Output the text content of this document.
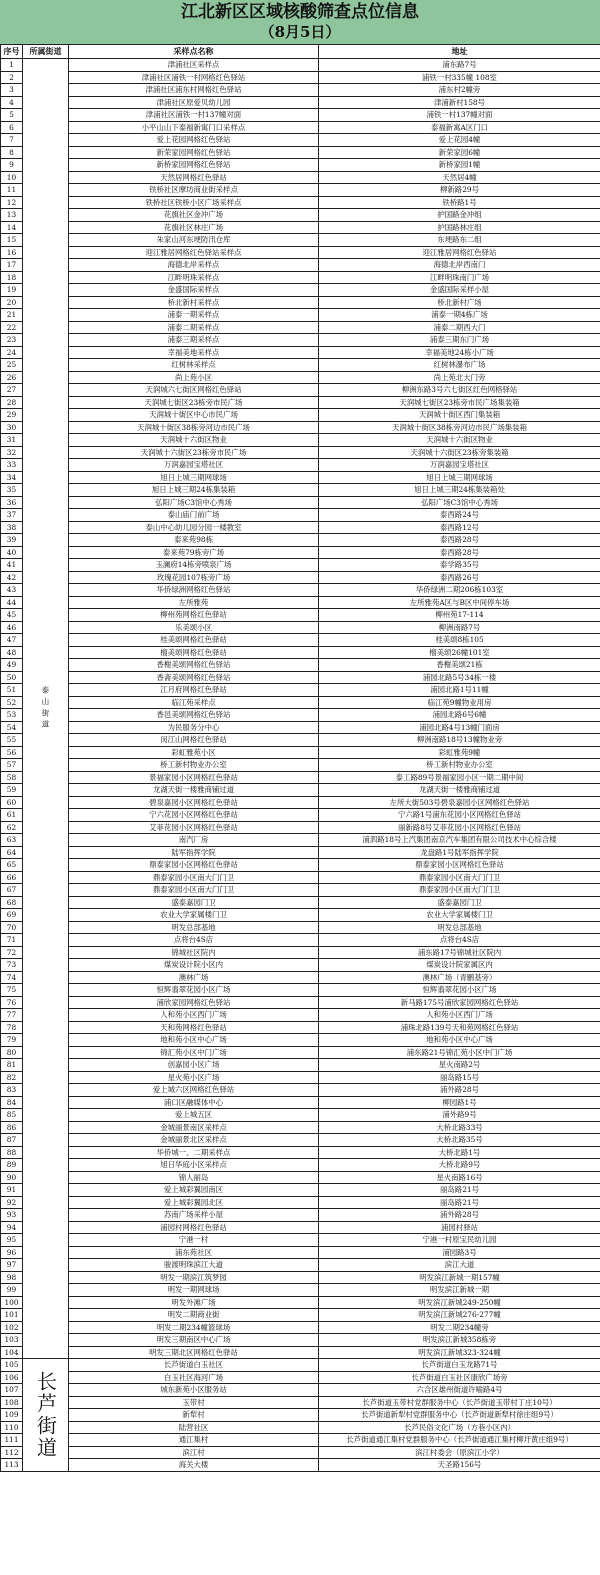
江北新区区域核酸筛查点位信息
（8月5日）
序号	所属街道	采样点名称	地址
1	泰山街道	津浦社区采样点	浦东路7号
2		津浦社区浦铁一村网格红色驿站	浦铁一村335幢 108室
3		津浦社区浦东村网格红色驿站	浦东村2幢旁
4		津浦社区原爱贝幼儿园	津浦新村158号
5		津浦社区浦铁一村137幢对面	浦铁一村137幢对面
6		小平山山下泰福新寓门口采样点	泰福新寓A区门口
7		爱上花园网格红色驿站	爱上花园4幢
8		新荣家园网格红色驿站	新荣家园6幢
9		新桥家园网格红色驿站	新桥家园1幢
10		天然居网格红色驿站	天然居4幢
11		铁桥社区摩坊商业街采样点	柳新路29号
12		铁桥社区铁桥小区广场采样点	铁桥路1号
13		花旗社区金冲广场	护国路金冲组
14		花旗社区林庄广场	护国路林庄组
15		朱家山河东埂防汛仓库	东埂路东二组
16		迎江雅居网格红色驿站采样点	迎江雅居网格红色驿站
17		海德北岸采样点	海德北岸西南门
18		江畔明珠采样点	江畔明珠南门广场
19		金盛国际采样点	金盛国际采样小屋
20		桥北新村采样点	桥北新村广场
21		浦泰一期采样点	浦泰一期4栋广场
22		浦泰二期采样点	浦泰二期西大门
23		浦泰三期采样点	浦泰三期东门广场
24		幸福美地采样点	幸福美地24栋小广场
25		红树林采样点	红树林瀑布广场
26		尚上苑小区	尚上苑北大门旁
27		天润城六七街区网格红色驿站	柳洲东路3号六七街区红色网格驿站
28		天润城七街区23栋旁市民广场	天润城七街区23栋旁市民广场集装箱
29		天润城十街区中心市民广场	天润城十街区西门集装箱
30		天润城十街区38栋旁河边市民广场	天润城十街区38栋旁河边市民广场集装箱
31		天润城十六街区物业	天润城十六街区物业
32		天润城十六街区23栋旁市民广场	天润城十六街区23栋旁集装箱
33		万润嘉园宝塔社区	万润嘉园宝塔社区
34		旭日上城三期网球场	旭日上城三期网球场
35		旭日上城三期24栋集装箱	旭日上城三期24栋集装箱处
36		弘阳广场C3馆中心秀场	弘阳广场C3馆中心秀场
37		泰山庙门前广场	泰西路24号
38		泰山中心幼儿园分园一楼教室	泰西路12号
39		泰来苑98栋	泰西路28号
40		泰来苑79栋旁广场	泰西路28号
41		玉澜府14栋旁喷泉广场	泰学路35号
42		玫瑰花园107栋旁广场	泰西路26号
43		华侨绿洲网格红色驿站	华侨绿洲二期206栋103室
44		左所雅苑	左所雅苑A区与B区中间停车场
45		柳州苑网格红色驿站	柳州苑17-114
46		乐美颂小区	柳洲南路7号
47		桂美颂网格红色驿站	桂美颂8栋105
48		榴美颂网格红色驿站	榴美颂26幢101室
49		香榭美颂网格红色驿站	香榭美颂21栋
50		香斋美颂网格红色驿站	浦园北路5号34栋一楼
51		江月府网格红色驿站	浦园北路1号11幢
52		临江苑采样点	临江苑9幢物业用房
53		香邑美颂网格红色驿站	浦园北路6号6幢
54		为民服务分中心	浦园北路4号13幢门面房
55		闵江山网格红色驿站	柳洲南路18号13幢物业旁
56		彩虹雅苑小区	彩虹雅苑9幢
57		桥工新村物业办公室	桥工新村物业办公室
58		景福家园小区网格红色驿站	泰工路89号景福家园小区一期二期中间
59		龙湖天街一楼雅商铺过道	龙湖天街一楼雅商铺过道
60		碧泉嘉园小区网格红色驿站	左所大街503号碧泉嘉园小区网格红色驿站
61		宁六花园小区网格红色驿站	宁六路1号浦东花园小区网格红色驿站
62		艾菲花园小区网格红色驿站	丽新路8号艾菲花园小区网格红色驿站
63		南汽厂房	浦泗路18号上汽集团南京汽车集团有限公司技术中心综合楼
64		陆军指挥学院	龙盘路1号陆军指挥学院
65		鼎泰家园小区网格红色驿站	鼎泰家园小区网格红色驿站
66		鼎泰家园小区南大门门卫	鼎泰家园小区南大门门卫
67		鼎泰家园小区南大门门卫	鼎泰家园小区南大门门卫
68		盛泰嘉园门卫	盛泰嘉园门卫
69		农业大学家属楼门卫	农业大学家属楼门卫
70		明发总部基地	明发总部基地
71		点将台4S店	点将台4S店
72		锦城社区院内	浦东路17号锦城社区院内
73		煤炭设计院小区内	煤炭设计院家属区内
74		澳林广场	澳林广场（青鹏基旁）
75		恒辉翡翠花园小区广场	恒辉翡翠花园小区广场
76		浦欣家园网格红色驿站	新马路175号浦欣家园网格红色驿站
77		人和苑小区西门广场	人和苑小区西门广场
78		天和苑网格红色驿站	浦珠北路139号天和苑网格红色驿站
79		地和苑小区中心广场	地和苑小区中心广场
80		锦汇苑小区中门广场	浦东路21号锦汇苑小区中门广场
81		创嘉园小区广场	星火南路2号
82		星火苑小区广场	丽岛路15号
83		爱上城六区网格红色驿站	浦外路28号
84		浦口区融媒体中心	柳园路1号
85		爱上城五区	浦外路9号
86		金城丽景南区采样点	大桥北路33号
87		金城丽景北区采样点	大桥北路35号
88		华侨城一、二期采样点	大桥北路1号
89		旭日华庭小区采样点	大桥北路9号
90		锦人丽岛	星火南路16号
91		爱上城彩翼园南区	丽岛路21号
92		爱上城彩翼园北区	丽岛路21号
93		苏南广场采样小屋	浦外路28号
94		浦园村网格红色驿站	浦园村驿站
95		宁港一村	宁港一村原宝民幼儿园
96		浦东苑社区	浦园路3号
97		骏渡明珠滨江大道	滨江大道
98		明发一期滨江筑梦园	明发滨江新城一期157幢
99		明发一期网球场	明发滨江新城一期
100		明发外滩广场	明发滨江新城249-250幢
101		明发二期商业街	明发滨江新城276-277幢
102		明发二期234幢篮球场	明发二期234幢旁
103		明发三期南区中心广场	明发滨江新城358栋旁
104		明发三期北区网格红色驿站	明发滨江新城323-324幢
105	长芦街道	长芦街道白玉社区	长芦街道白玉龙路71号
106		白玉社区海河广场	长芦街道白玉社区康欣广场旁
107		城东新苑小区服务站	六合区雄州街道许喻路4号
108		玉带村	长芦街道玉带村党群服务中心（长芦街道玉带村丁庄10号）
109		新犁村	长芦街道新犁村党群服务中心（长芦街道新犁村徐庄组9号）
110		陆营社区	长芦民俗文化广场（方巷小区内）
111		通江集村	长芦街道通江集村党群服务中心（长芦街道通江集村柳圩黄庄组9号）
112		滨江村	滨江村委会（原滨江小学）
113		海关大楼	天圣路156号
